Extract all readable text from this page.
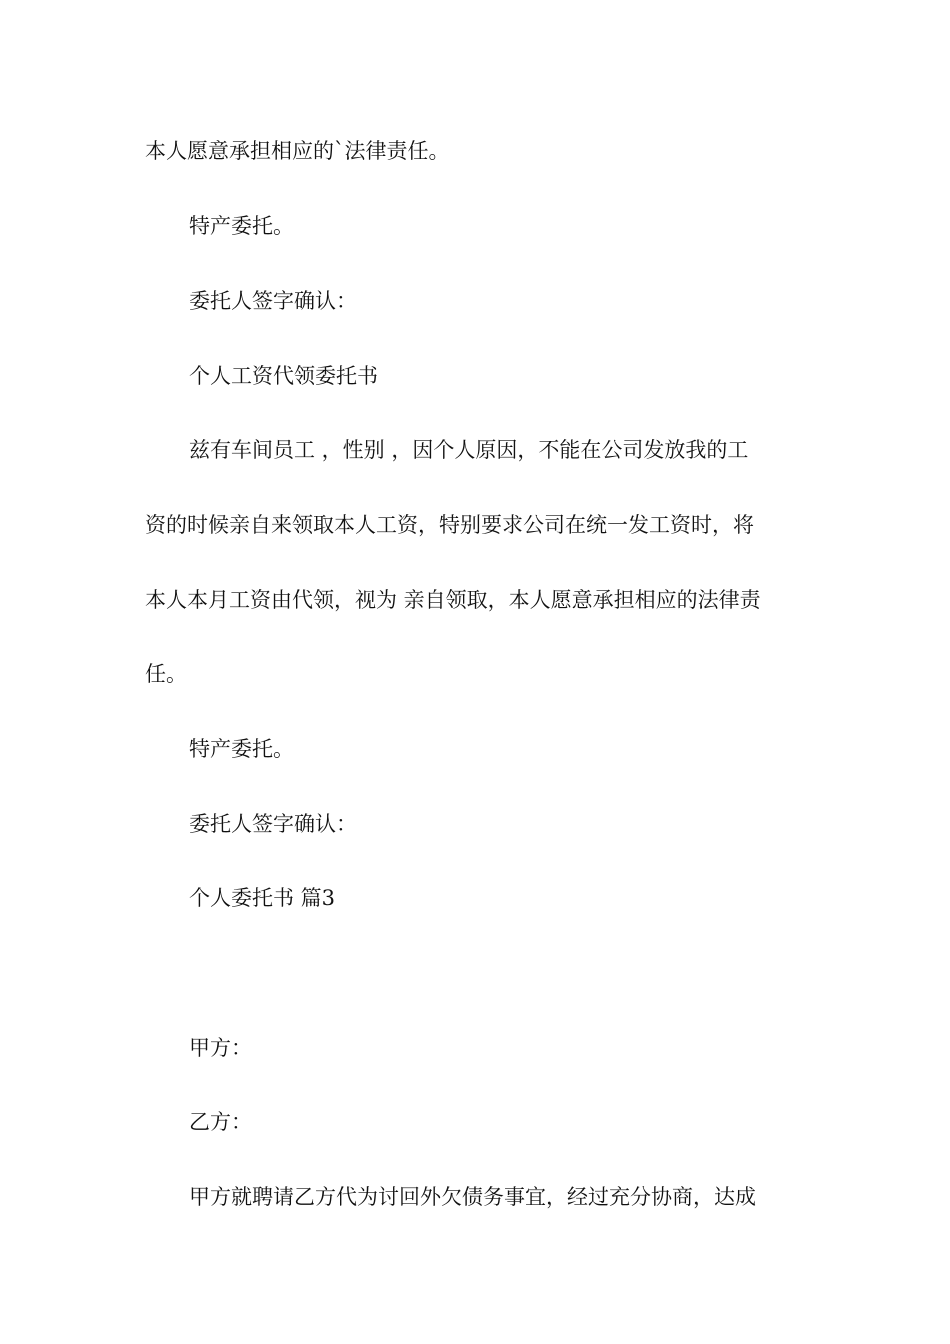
本人愿意承担相应的`法律责任。
特产委托。
委托人签字确认：
个人工资代领委托书
兹有车间员工 ，性别 ，因个人原因，不能在公司发放我的工
资的时候亲自来领取本人工资，特别要求公司在统一发工资时，将
本人本月工资由代领，视为 亲自领取，本人愿意承担相应的法律责
任。
特产委托。
委托人签字确认：
个人委托书 篇3
甲方：
乙方：
甲方就聘请乙方代为讨回外欠债务事宜，经过充分协商，达成
